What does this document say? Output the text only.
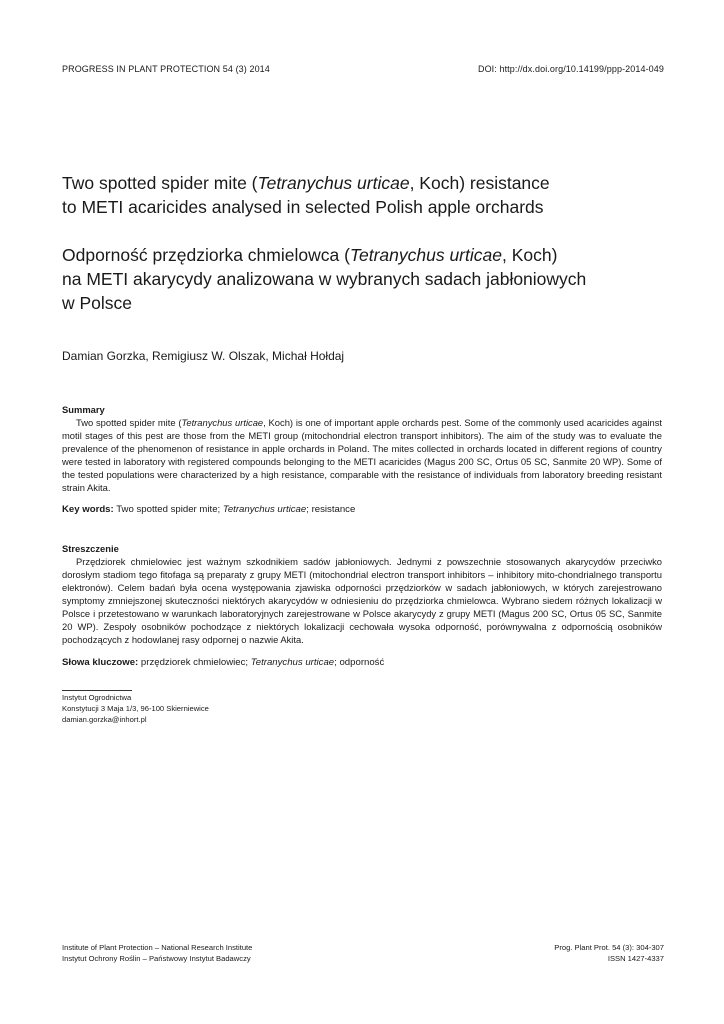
PROGRESS IN PLANT PROTECTION 54 (3) 2014	DOI: http://dx.doi.org/10.14199/ppp-2014-049
Two spotted spider mite (Tetranychus urticae, Koch) resistance
to METI acaricides analysed in selected Polish apple orchards
Odporność przędziorka chmielowca (Tetranychus urticae, Koch)
na METI akarycydy analizowana w wybranych sadach jabłoniowych
w Polsce
Damian Gorzka, Remigiusz W. Olszak, Michał Hołdaj
Summary
Two spotted spider mite (Tetranychus urticae, Koch) is one of important apple orchards pest. Some of the commonly used acaricides against motil stages of this pest are those from the METI group (mitochondrial electron transport inhibitors). The aim of the study was to evaluate the prevalence of the phenomenon of resistance in apple orchards in Poland. The mites collected in orchards located in different regions of country were tested in laboratory with registered compounds belonging to the METI acaricides (Magus 200 SC, Ortus 05 SC, Sanmite 20 WP). Some of the tested populations were characterized by a high resistance, comparable with the resistance of individuals from laboratory breeding resistant strain Akita.
Key words: Two spotted spider mite; Tetranychus urticae; resistance
Streszczenie
Przędziorek chmielowiec jest ważnym szkodnikiem sadów jabłoniowych. Jednymi z powszechnie stosowanych akarycydów przeciwko dorosłym stadiom tego fitofaga są preparaty z grupy METI (mitochondrial electron transport inhibitors – inhibitory mito-chondrialnego transportu elektronów). Celem badań była ocena występowania zjawiska odporności przędziorków w sadach jabłoniowych, w których zarejestrowano symptomy zmniejszonej skuteczności niektórych akarycydów w odniesieniu do przędziorka chmielowca. Wybrano siedem różnych lokalizacji w Polsce i przetestowano w warunkach laboratoryjnych zarejestrowane w Polsce akarycydy z grupy METI (Magus 200 SC, Ortus 05 SC, Sanmite 20 WP). Zespoły osobników pochodzące z niektórych lokalizacji cechowała wysoka odporność, porównywalna z odpornością osobników pochodzących z hodowlanej rasy odpornej o nazwie Akita.
Słowa kluczowe: przędziorek chmielowiec; Tetranychus urticae; odporność
Instytut Ogrodnictwa
Konstytucji 3 Maja 1/3, 96-100 Skierniewice
damian.gorzka@inhort.pl
Institute of Plant Protection – National Research Institute
Instytut Ochrony Roślin – Państwowy Instytut Badawczy
Prog. Plant Prot. 54 (3): 304-307
ISSN 1427-4337
